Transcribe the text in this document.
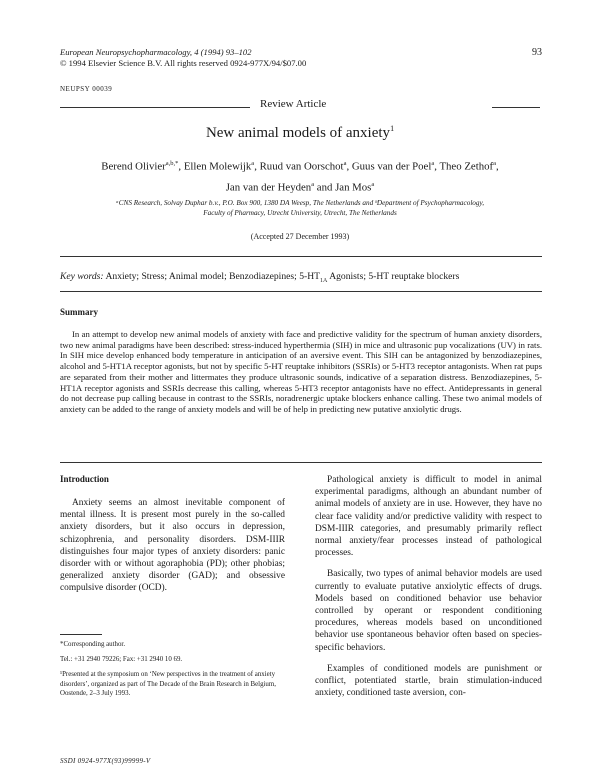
European Neuropsychopharmacology, 4 (1994) 93–102
© 1994 Elsevier Science B.V. All rights reserved 0924-977X/94/$07.00
93
NEUPSY 00039
Review Article
New animal models of anxiety$^1$
Berend Olivier$^{a,b,*}$, Ellen Molewijk$^a$, Ruud van Oorschot$^a$, Guus van der Poel$^a$, Theo Zethof$^a$,
Jan van der Heyden$^a$ and Jan Mos$^a$
ᵃCNS Research, Solvay Duphar b.v., P.O. Box 900, 1380 DA Weesp, The Netherlands and ᵇDepartment of Psychopharmacology,
Faculty of Pharmacy, Utrecht University, Utrecht, The Netherlands
(Accepted 27 December 1993)
Key words: Anxiety; Stress; Animal model; Benzodiazepines; $5-HT_{1A}$ Agonists; 5-HT reuptake blockers
Summary

In an attempt to develop new animal models of anxiety with face and predictive validity for the spectrum of human anxiety disorders, two new animal paradigms have been described: stress-induced hyperthermia (SIH) in mice and ultrasonic pup vocalizations (UV) in rats. In SIH mice develop enhanced body temperature in anticipation of an aversive event. This SIH can be antagonized by benzodiazepines, alcohol and 5-HT1A receptor agonists, but not by specific 5-HT reuptake inhibitors (SSRIs) or 5-HT3 receptor antagonists. When rat pups are separated from their mother and littermates they produce ultrasonic sounds, indicative of a separation distress. Benzodiazepines, 5-HT1A receptor agonists and SSRIs decrease this calling, whereas 5-HT3 receptor antagonists have no effect. Antidepressants in general do not decrease pup calling because in contrast to the SSRIs, noradrenergic uptake blockers enhance calling. These two animal models of anxiety can be added to the range of anxiety models and will be of help in predicting new putative anxiolytic drugs.

Introduction

Anxiety seems an almost inevitable component of mental illness. It is present most purely in the so-called anxiety disorders, but it also occurs in depression, schizophrenia, and personality disorders. DSM-IIIR distinguishes four major types of anxiety disorders: panic disorder with or without agoraphobia (PD); other phobias; generalized anxiety disorder (GAD); and obsessive compulsive disorder (OCD).

Pathological anxiety is difficult to model in animal experimental paradigms, although an abundant number of animal models of anxiety are in use. However, they have no clear face validity and/or predictive validity with respect to DSM-IIIR categories, and presumably primarily reflect normal anxiety/fear processes instead of pathological processes.

Basically, two types of animal behavior models are used currently to evaluate putative anxiolytic effects of drugs. Models based on conditioned behavior use behavior controlled by operant or respondent conditioning procedures, whereas models based on unconditioned behavior use spontaneous behavior often based on species-specific behaviors.

Examples of conditioned models are punishment or conflict, potentiated startle, brain stimulation-induced anxiety, conditioned taste aversion, con-

*Corresponding author.
Tel.: +31 2940 79226; Fax: +31 2940 10 69.
¹Presented at the symposium on ‘New perspectives in the treatment of anxiety disorders’, organized as part of The Decade of the Brain Research in Belgium, Oostende, 2–3 July 1993.
SSDI 0924-977X(93)99999-V
